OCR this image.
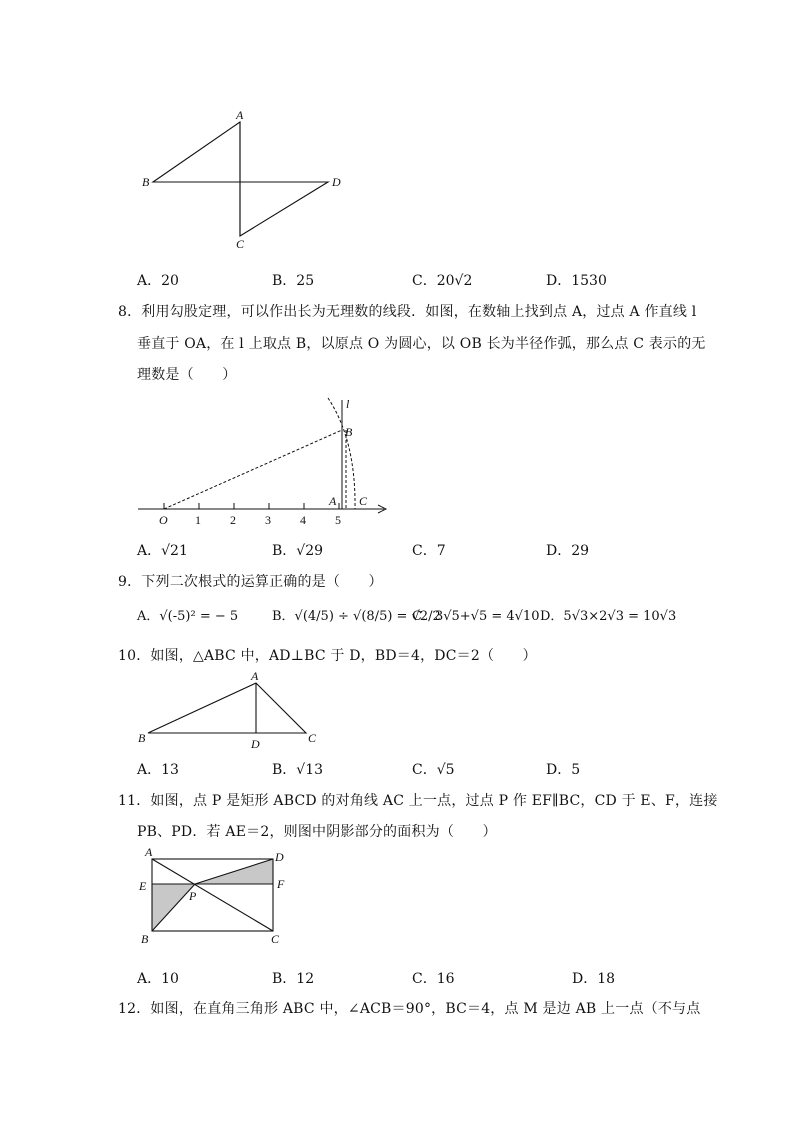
A
B	D
C
A．20	B．25	C．20√2	D．1530
8．利用勾股定理，可以作出长为无理数的线段．如图，在数轴上找到点 A，过点 A 作直线 l
垂直于 OA，在 l 上取点 B，以原点 O 为圆心，以 OB 长为半径作弧，那么点 C 表示的无
理数是（　　）
l
B
A C
O 1 2 3 4 5
A．√21	B．√29	C．7	D．29
9．下列二次根式的运算正确的是（　　）
A．√(-5)² = − 5	B．√(4/5) ÷ √(8/5) = √2/2
C．3√5+√5 = 4√10 D．5√3×2√3 = 10√3
10．如图，△ABC 中，AD⊥BC 于 D，BD＝4，DC＝2（　　）
A
B	D	C
A．13	B．√13	C．√5	D．5
11．如图，点 P 是矩形 ABCD 的对角线 AC 上一点，过点 P 作 EF∥BC，CD 于 E、F，连接
PB、PD．若 AE＝2，则图中阴影部分的面积为（　　）
A	D
E	F
P
B	C
A．10	B．12	C．16	D．18
12．如图，在直角三角形 ABC 中，∠ACB＝90°，BC＝4，点 M 是边 AB 上一点（不与点
